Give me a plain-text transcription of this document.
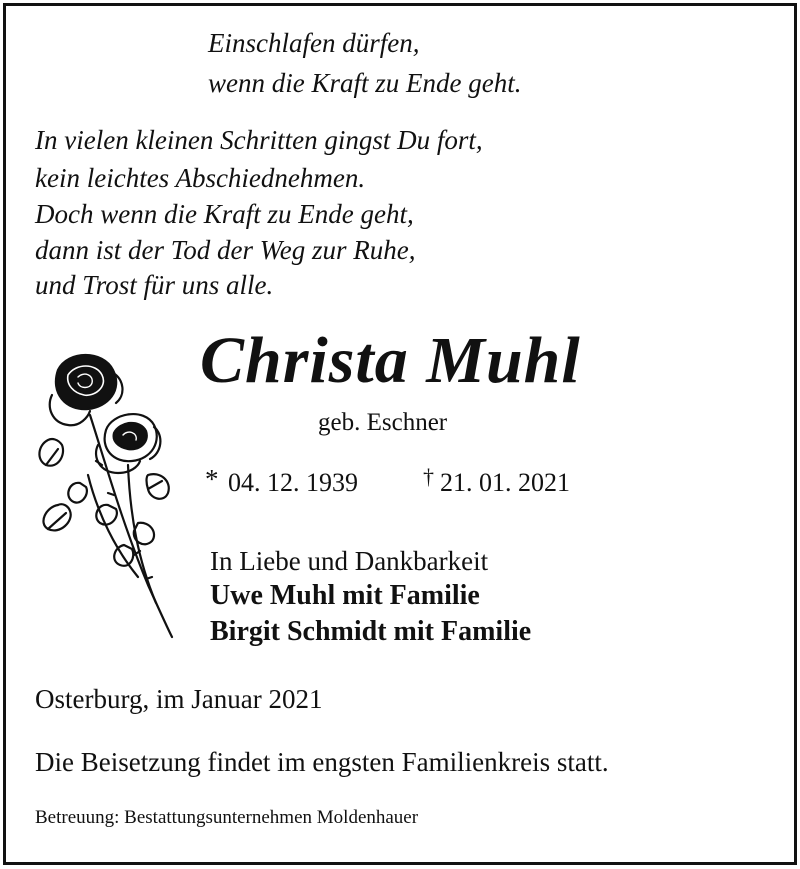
Einschlafen dürfen,
wenn die Kraft zu Ende geht.
In vielen kleinen Schritten gingst Du fort,
kein leichtes Abschiednehmen.
Doch wenn die Kraft zu Ende geht,
dann ist der Tod der Weg zur Ruhe,
und Trost für uns alle.
Christa Muhl
geb. Eschner
* 04. 12. 1939	† 21. 01. 2021
In Liebe und Dankbarkeit
Uwe Muhl mit Familie
Birgit Schmidt mit Familie
Osterburg, im Januar 2021
Die Beisetzung findet im engsten Familienkreis statt.
Betreuung: Bestattungsunternehmen Moldenhauer
